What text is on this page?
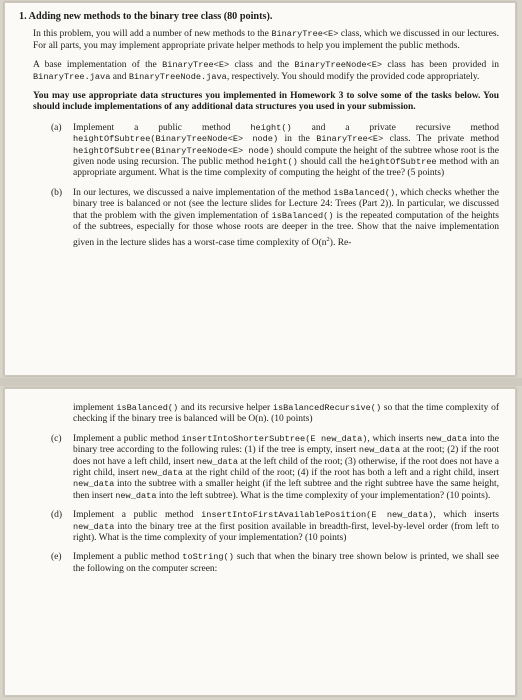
1. Adding new methods to the binary tree class (80 points).
In this problem, you will add a number of new methods to the BinaryTree<E> class, which we discussed in our lectures. For all parts, you may implement appropriate private helper methods to help you implement the public methods.
A base implementation of the BinaryTree<E> class and the BinaryTreeNode<E> class has been provided in BinaryTree.java and BinaryTreeNode.java, respectively. You should modify the provided code appropriately.
You may use appropriate data structures you implemented in Homework 3 to solve some of the tasks below. You should include implementations of any additional data structures you used in your submission.
(a)	Implement a public method height() and a private recursive method heightOfSubtree(BinaryTreeNode<E> node) in the BinaryTree<E> class. The private method heightOfSubtree(BinaryTreeNode<E> node) should compute the height of the subtree whose root is the given node using recursion. The public method height() should call the heightOfSubtree method with an appropriate argument. What is the time complexity of computing the height of the tree? (5 points)
(b)	In our lectures, we discussed a naive implementation of the method isBalanced(), which checks whether the binary tree is balanced or not (see the lecture slides for Lecture 24: Trees (Part 2)). In particular, we discussed that the problem with the given implementation of isBalanced() is the repeated computation of the heights of the subtrees, especially for those whose roots are deeper in the tree. Show that the naive implementation given in the lecture slides has a worst-case time complexity of $O(n^2)$. Re-
implement isBalanced() and its recursive helper isBalancedRecursive() so that the time complexity of checking if the binary tree is balanced will be O(n). (10 points)
(c)	Implement a public method insertIntoShorterSubtree(E new_data), which inserts new_data into the binary tree according to the following rules: (1) if the tree is empty, insert new_data at the root; (2) if the root does not have a left child, insert new_data at the left child of the root; (3) otherwise, if the root does not have a right child, insert new_data at the right child of the root; (4) if the root has both a left and a right child, insert new_data into the subtree with a smaller height (if the left subtree and the right subtree have the same height, then insert new_data into the left subtree). What is the time complexity of your implementation? (10 points).
(d)	Implement a public method insertIntoFirstAvailablePosition(E new_data), which inserts new_data into the binary tree at the first position available in breadth-first, level-by-level order (from left to right). What is the time complexity of your implementation? (10 points)
(e)	Implement a public method toString() such that when the binary tree shown below is printed, we shall see the following on the computer screen:
